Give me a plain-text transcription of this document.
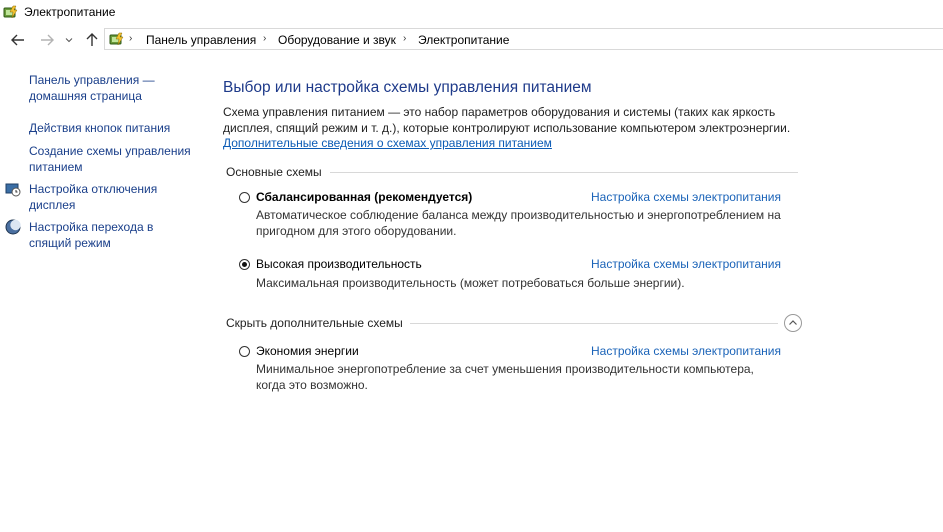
Электропитание
› Панель управления › Оборудование и звук › Электропитание
Панель управления — домашняя страница
Действия кнопок питания
Создание схемы управления питанием
Настройка отключения дисплея
Настройка перехода в спящий режим
Выбор или настройка схемы управления питанием
Схема управления питанием — это набор параметров оборудования и системы (таких как яркость дисплея, спящий режим и т. д.), которые контролируют использование компьютером электроэнергии.
Дополнительные сведения о схемах управления питанием
Основные схемы
Сбалансированная (рекомендуется)	Настройка схемы электропитания
Автоматическое соблюдение баланса между производительностью и энергопотреблением на пригодном для этого оборудовании.
Высокая производительность	Настройка схемы электропитания
Максимальная производительность (может потребоваться больше энергии).
Скрыть дополнительные схемы
Экономия энергии	Настройка схемы электропитания
Минимальное энергопотребление за счет уменьшения производительности компьютера, когда это возможно.
